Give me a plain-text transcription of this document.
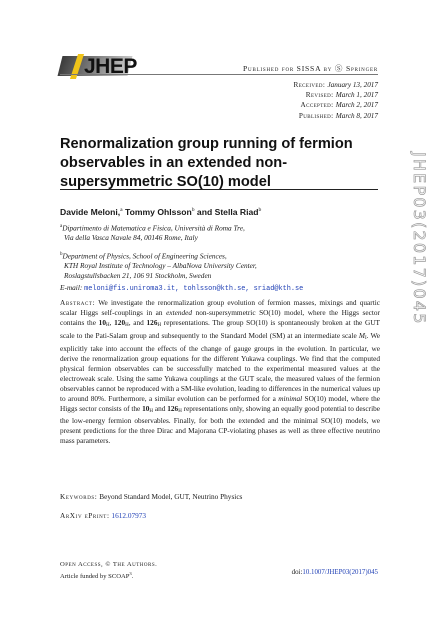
JHEP	Published for SISSA by Ⓢ Springer
Received: January 13, 2017
Revised: March 1, 2017
Accepted: March 2, 2017
Published: March 8, 2017
Renormalization group running of fermion observables in an extended non-supersymmetric SO(10) model	JHEP03(2017)045
Davide Meloni,$^a$ Tommy Ohlsson$^b$ and Stella Riad$^b$
$^a$Dipartimento di Matematica e Fisica, Università di Roma Tre,
Via della Vasca Navale 84, 00146 Rome, Italy
$^b$Department of Physics, School of Engineering Sciences,
KTH Royal Institute of Technology – AlbaNova University Center,
Roslagstullsbacken 21, 106 91 Stockholm, Sweden
E-mail: meloni@fis.uniroma3.it, tohlsson@kth.se, sriad@kth.se
Abstract: We investigate the renormalization group evolution of fermion masses, mixings and quartic scalar Higgs self-couplings in an extended non-supersymmetric SO(10) model, where the Higgs sector contains the $10_H$, $120_H$, and $126_H$ representations. The group SO(10) is spontaneously broken at the GUT scale to the Pati-Salam group and subsequently to the Standard Model (SM) at an intermediate scale $M_I$. We explicitly take into account the effects of the change of gauge groups in the evolution. In particular, we derive the renormalization group equations for the different Yukawa couplings. We find that the computed physical fermion observables can be successfully matched to the experimental measured values at the electroweak scale. Using the same Yukawa couplings at the GUT scale, the measured values of the fermion observables cannot be reproduced with a SM-like evolution, leading to differences in the numerical values up to around 80%. Furthermore, a similar evolution can be performed for a minimal SO(10) model, where the Higgs sector consists of the $10_H$ and $126_H$ representations only, showing an equally good potential to describe the low-energy fermion observables. Finally, for both the extended and the minimal SO(10) models, we present predictions for the three Dirac and Majorana CP-violating phases as well as three effective neutrino mass parameters.
Keywords: Beyond Standard Model, GUT, Neutrino Physics
ArXiv ePrint: 1612.07973
Open Access, © The Authors.
Article funded by SCOAP$^3$.
doi:10.1007/JHEP03(2017)045
